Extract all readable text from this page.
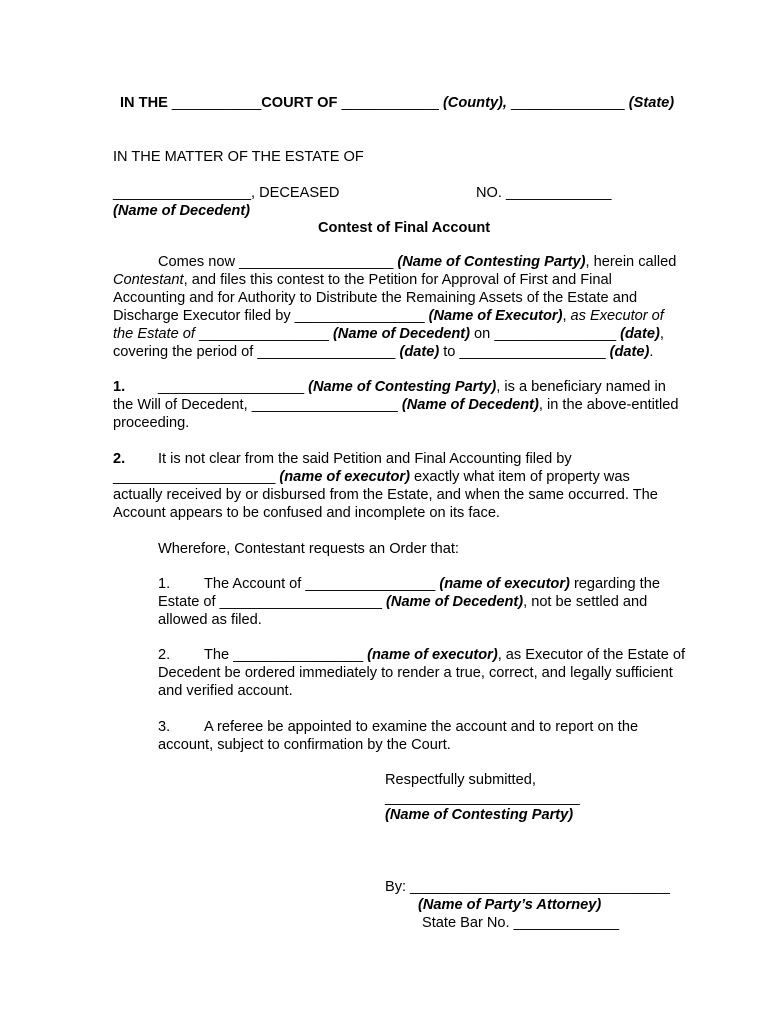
IN THE ___________COURT OF ____________ (County), ______________ (State)
IN THE MATTER OF THE ESTATE OF
_________________, DECEASED	NO. _____________
(Name of Decedent)
Contest of Final Account
Comes now ___________________ (Name of Contesting Party), herein called
Contestant, and files this contest to the Petition for Approval of First and Final
Accounting and for Authority to Distribute the Remaining Assets of the Estate and
Discharge Executor filed by ________________ (Name of Executor), as Executor of
the Estate of ________________ (Name of Decedent) on _______________ (date),
covering the period of _________________ (date) to __________________ (date).
1. __________________ (Name of Contesting Party), is a beneficiary named in
the Will of Decedent, __________________ (Name of Decedent), in the above-entitled
proceeding.
2. It is not clear from the said Petition and Final Accounting filed by
____________________ (name of executor) exactly what item of property was
actually received by or disbursed from the Estate, and when the same occurred. The
Account appears to be confused and incomplete on its face.
Wherefore, Contestant requests an Order that:
1. The Account of ________________ (name of executor) regarding the
Estate of ____________________ (Name of Decedent), not be settled and
allowed as filed.
2. The ________________ (name of executor), as Executor of the Estate of
Decedent be ordered immediately to render a true, correct, and legally sufficient
and verified account.
3. A referee be appointed to examine the account and to report on the
account, subject to confirmation by the Court.
Respectfully submitted,
________________________
(Name of Contesting Party)
By: ________________________________
(Name of Party’s Attorney)
State Bar No. _____________
